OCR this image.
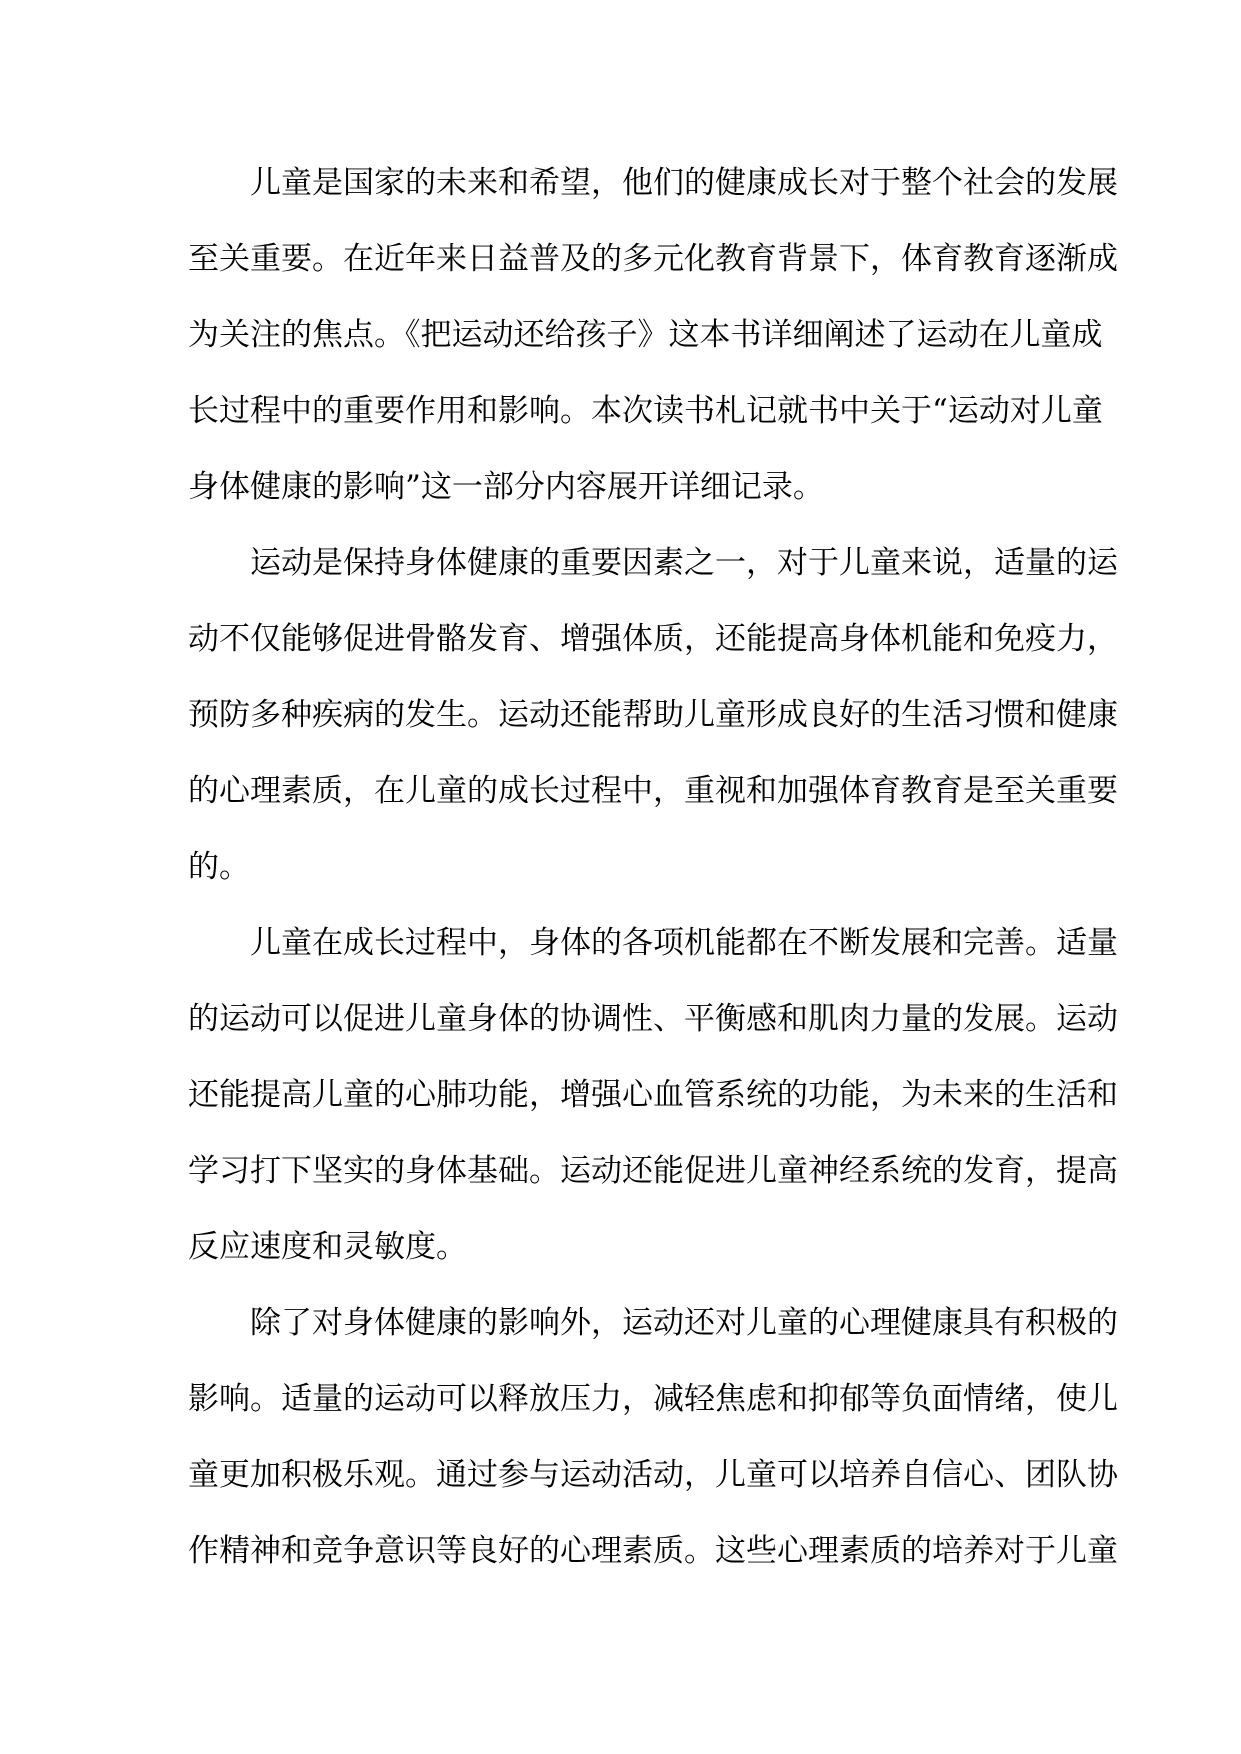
儿童是国家的未来和希望，他们的健康成长对于整个社会的发展
至关重要。在近年来日益普及的多元化教育背景下，体育教育逐渐成
为关注的焦点。《把运动还给孩子》这本书详细阐述了运动在儿童成
长过程中的重要作用和影响。本次读书札记就书中关于“运动对儿童
身体健康的影响”这一部分内容展开详细记录。

运动是保持身体健康的重要因素之一，对于儿童来说，适量的运
动不仅能够促进骨骼发育、增强体质，还能提高身体机能和免疫力，
预防多种疾病的发生。运动还能帮助儿童形成良好的生活习惯和健康
的心理素质，在儿童的成长过程中，重视和加强体育教育是至关重要
的。

儿童在成长过程中，身体的各项机能都在不断发展和完善。适量
的运动可以促进儿童身体的协调性、平衡感和肌肉力量的发展。运动
还能提高儿童的心肺功能，增强心血管系统的功能，为未来的生活和
学习打下坚实的身体基础。运动还能促进儿童神经系统的发育，提高
反应速度和灵敏度。

除了对身体健康的影响外，运动还对儿童的心理健康具有积极的
影响。适量的运动可以释放压力，减轻焦虑和抑郁等负面情绪，使儿
童更加积极乐观。通过参与运动活动，儿童可以培养自信心、团队协
作精神和竞争意识等良好的心理素质。这些心理素质的培养对于儿童
